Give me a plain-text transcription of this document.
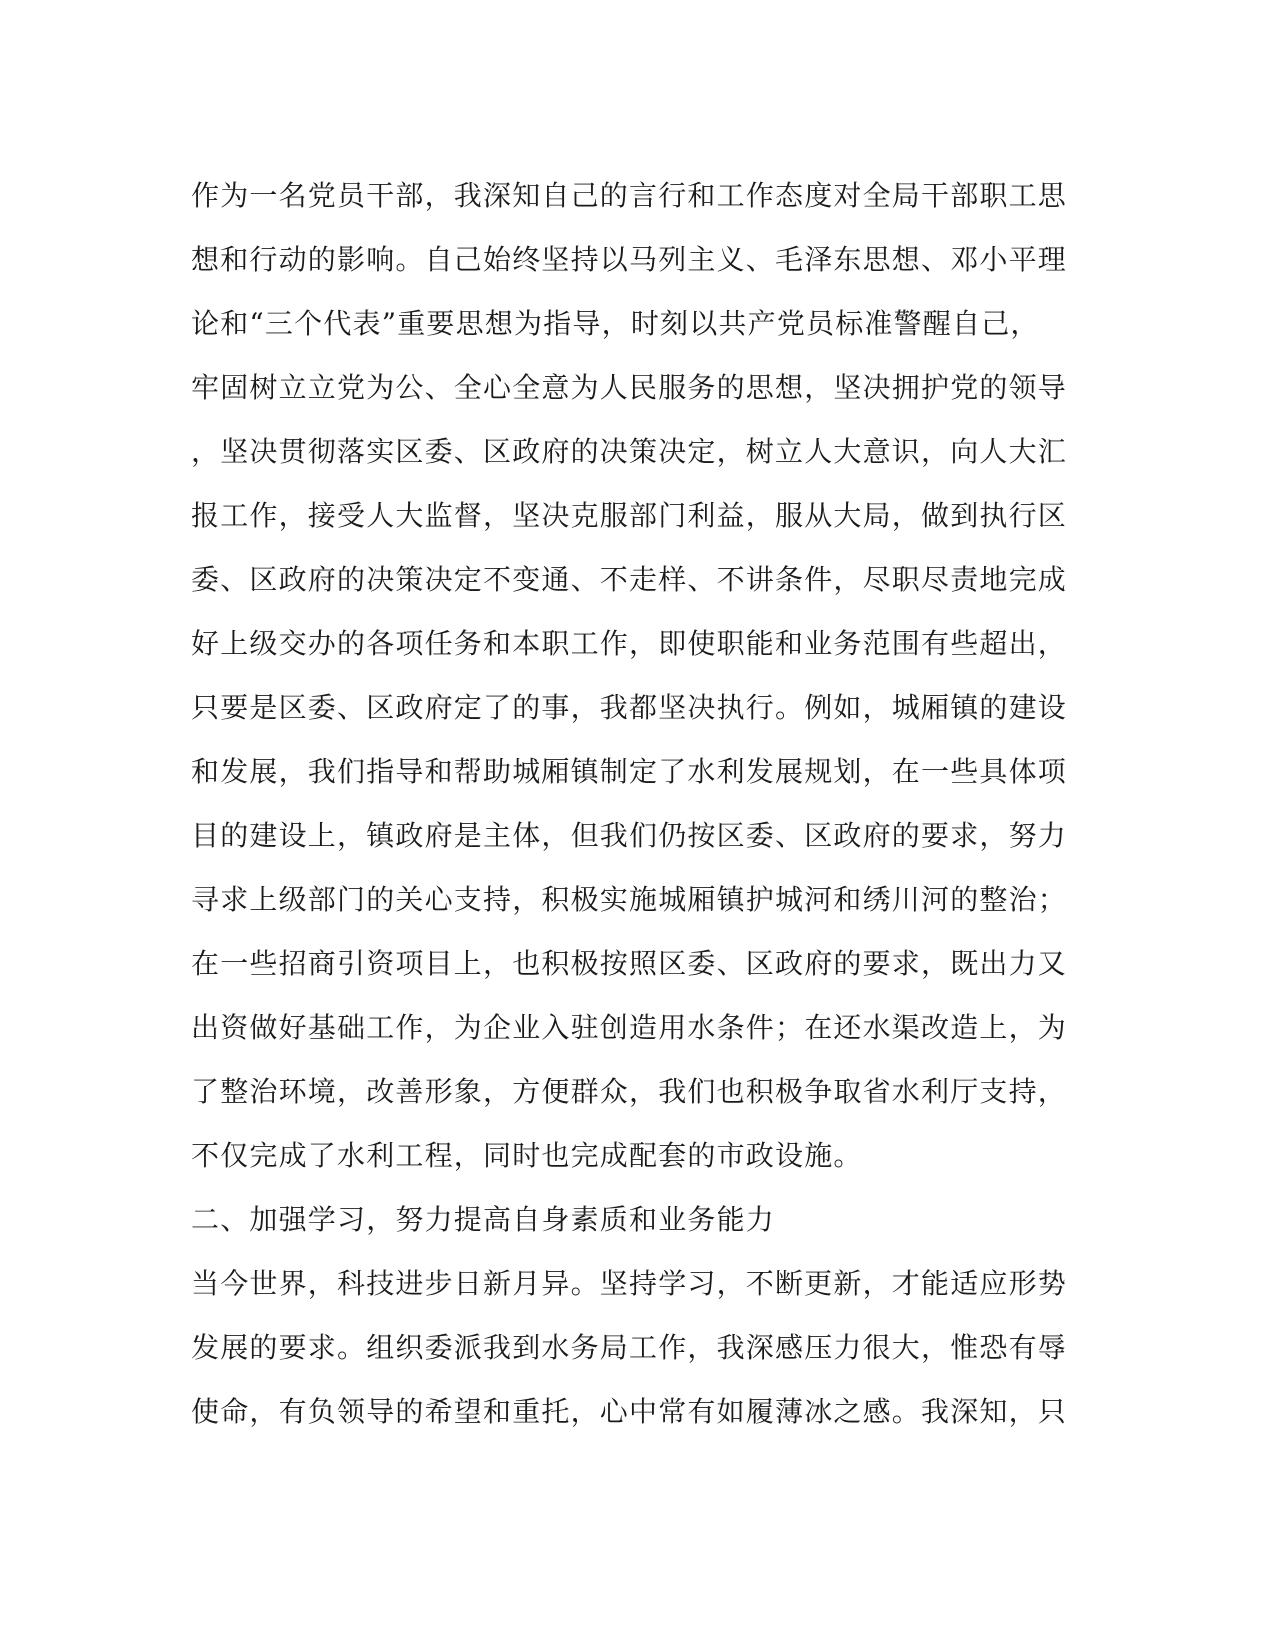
作为一名党员干部，我深知自己的言行和工作态度对全局干部职工思
想和行动的影响。自己始终坚持以马列主义、毛泽东思想、邓小平理
论和“三个代表”重要思想为指导，时刻以共产党员标准警醒自己，
牢固树立立党为公、全心全意为人民服务的思想，坚决拥护党的领导
，坚决贯彻落实区委、区政府的决策决定，树立人大意识，向人大汇
报工作，接受人大监督，坚决克服部门利益，服从大局，做到执行区
委、区政府的决策决定不变通、不走样、不讲条件，尽职尽责地完成
好上级交办的各项任务和本职工作，即使职能和业务范围有些超出，
只要是区委、区政府定了的事，我都坚决执行。例如，城厢镇的建设
和发展，我们指导和帮助城厢镇制定了水利发展规划，在一些具体项
目的建设上，镇政府是主体，但我们仍按区委、区政府的要求，努力
寻求上级部门的关心支持，积极实施城厢镇护城河和绣川河的整治；
在一些招商引资项目上，也积极按照区委、区政府的要求，既出力又
出资做好基础工作，为企业入驻创造用水条件；在还水渠改造上，为
了整治环境，改善形象，方便群众，我们也积极争取省水利厅支持，
不仅完成了水利工程，同时也完成配套的市政设施。
二、加强学习，努力提高自身素质和业务能力
当今世界，科技进步日新月异。坚持学习，不断更新，才能适应形势
发展的要求。组织委派我到水务局工作，我深感压力很大，惟恐有辱
使命，有负领导的希望和重托，心中常有如履薄冰之感。我深知，只
